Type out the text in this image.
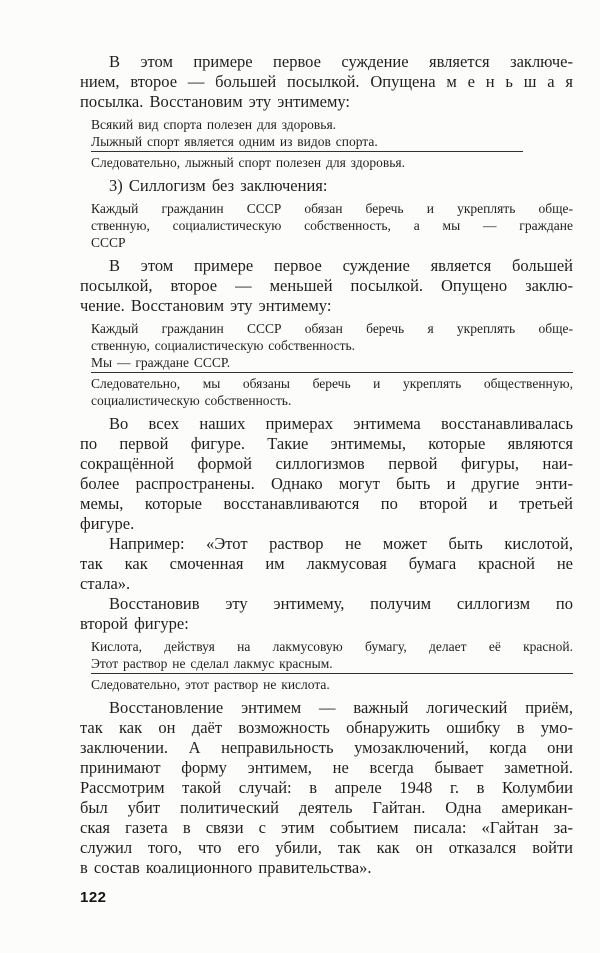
В этом примере первое суждение является заключе-
нием, второе — большей посылкой. Опущена м е н ь ш а я
посылка. Восстановим эту энтимему:
Всякий вид спорта полезен для здоровья.
Лыжный спорт является одним из видов спорта.
Следовательно, лыжный спорт полезен для здоровья.
3) Силлогизм без заключения:
Каждый гражданин СССР обязан беречь и укреплять обще-
ственную, социалистическую собственность, а мы — граждане
СССР
В этом примере первое суждение является большей
посылкой, второе — меньшей посылкой. Опущено заклю-
чение. Восстановим эту энтимему:
Каждый гражданин СССР обязан беречь я укреплять обще-
ственную, социалистическую собственность.
Мы — граждане СССР.
Следовательно, мы обязаны беречь и укреплять общественную,
социалистическую собственность.
Во всех наших примерах энтимема восстанавливалась
по первой фигуре. Такие энтимемы, которые являются
сокращённой формой силлогизмов первой фигуры, наи-
более распространены. Однако могут быть и другие энти-
мемы, которые восстанавливаются по второй и третьей
фигуре.
Например: «Этот раствор не может быть кислотой,
так как смоченная им лакмусовая бумага красной не
стала».
Восстановив эту энтимему, получим силлогизм по
второй фигуре:
Кислота, действуя на лакмусовую бумагу, делает её красной.
Этот раствор не сделал лакмус красным.
Следовательно, этот раствор не кислота.
Восстановление энтимем — важный логический приём,
так как он даёт возможность обнаружить ошибку в умо-
заключении. А неправильность умозаключений, когда они
принимают форму энтимем, не всегда бывает заметной.
Рассмотрим такой случай: в апреле 1948 г. в Колумбии
был убит политический деятель Гайтан. Одна американ-
ская газета в связи с этим событием писала: «Гайтан за-
служил того, что его убили, так как он отказался войти
в состав коалиционного правительства».
122
